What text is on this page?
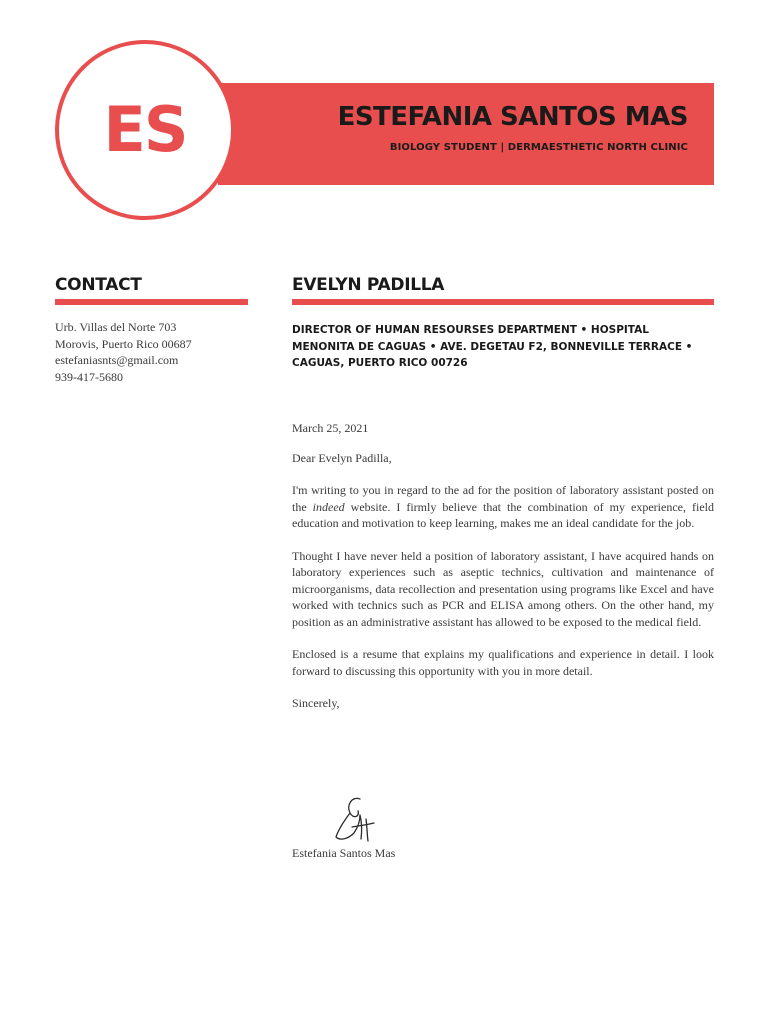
ES	ESTEFANIA SANTOS MAS
BIOLOGY STUDENT | DERMAESTHETIC NORTH CLINIC
CONTACT
Urb. Villas del Norte 703
Morovis, Puerto Rico 00687
estefaniasnts@gmail.com
939-417-5680
EVELYN PADILLA
DIRECTOR OF HUMAN RESOURSES DEPARTMENT • HOSPITAL MENONITA DE CAGUAS • AVE. DEGETAU F2, BONNEVILLE TERRACE • CAGUAS, PUERTO RICO 00726

March 25, 2021

Dear Evelyn Padilla,

I'm writing to you in regard to the ad for the position of laboratory assistant posted on the indeed website. I firmly believe that the combination of my experience, field education and motivation to keep learning, makes me an ideal candidate for the job.

Thought I have never held a position of laboratory assistant, I have acquired hands on laboratory experiences such as aseptic technics, cultivation and maintenance of microorganisms, data recollection and presentation using programs like Excel and have worked with technics such as PCR and ELISA among others. On the other hand, my position as an administrative assistant has allowed to be exposed to the medical field.

Enclosed is a resume that explains my qualifications and experience in detail. I look forward to discussing this opportunity with you in more detail.

Sincerely,

Estefania Santos Mas
